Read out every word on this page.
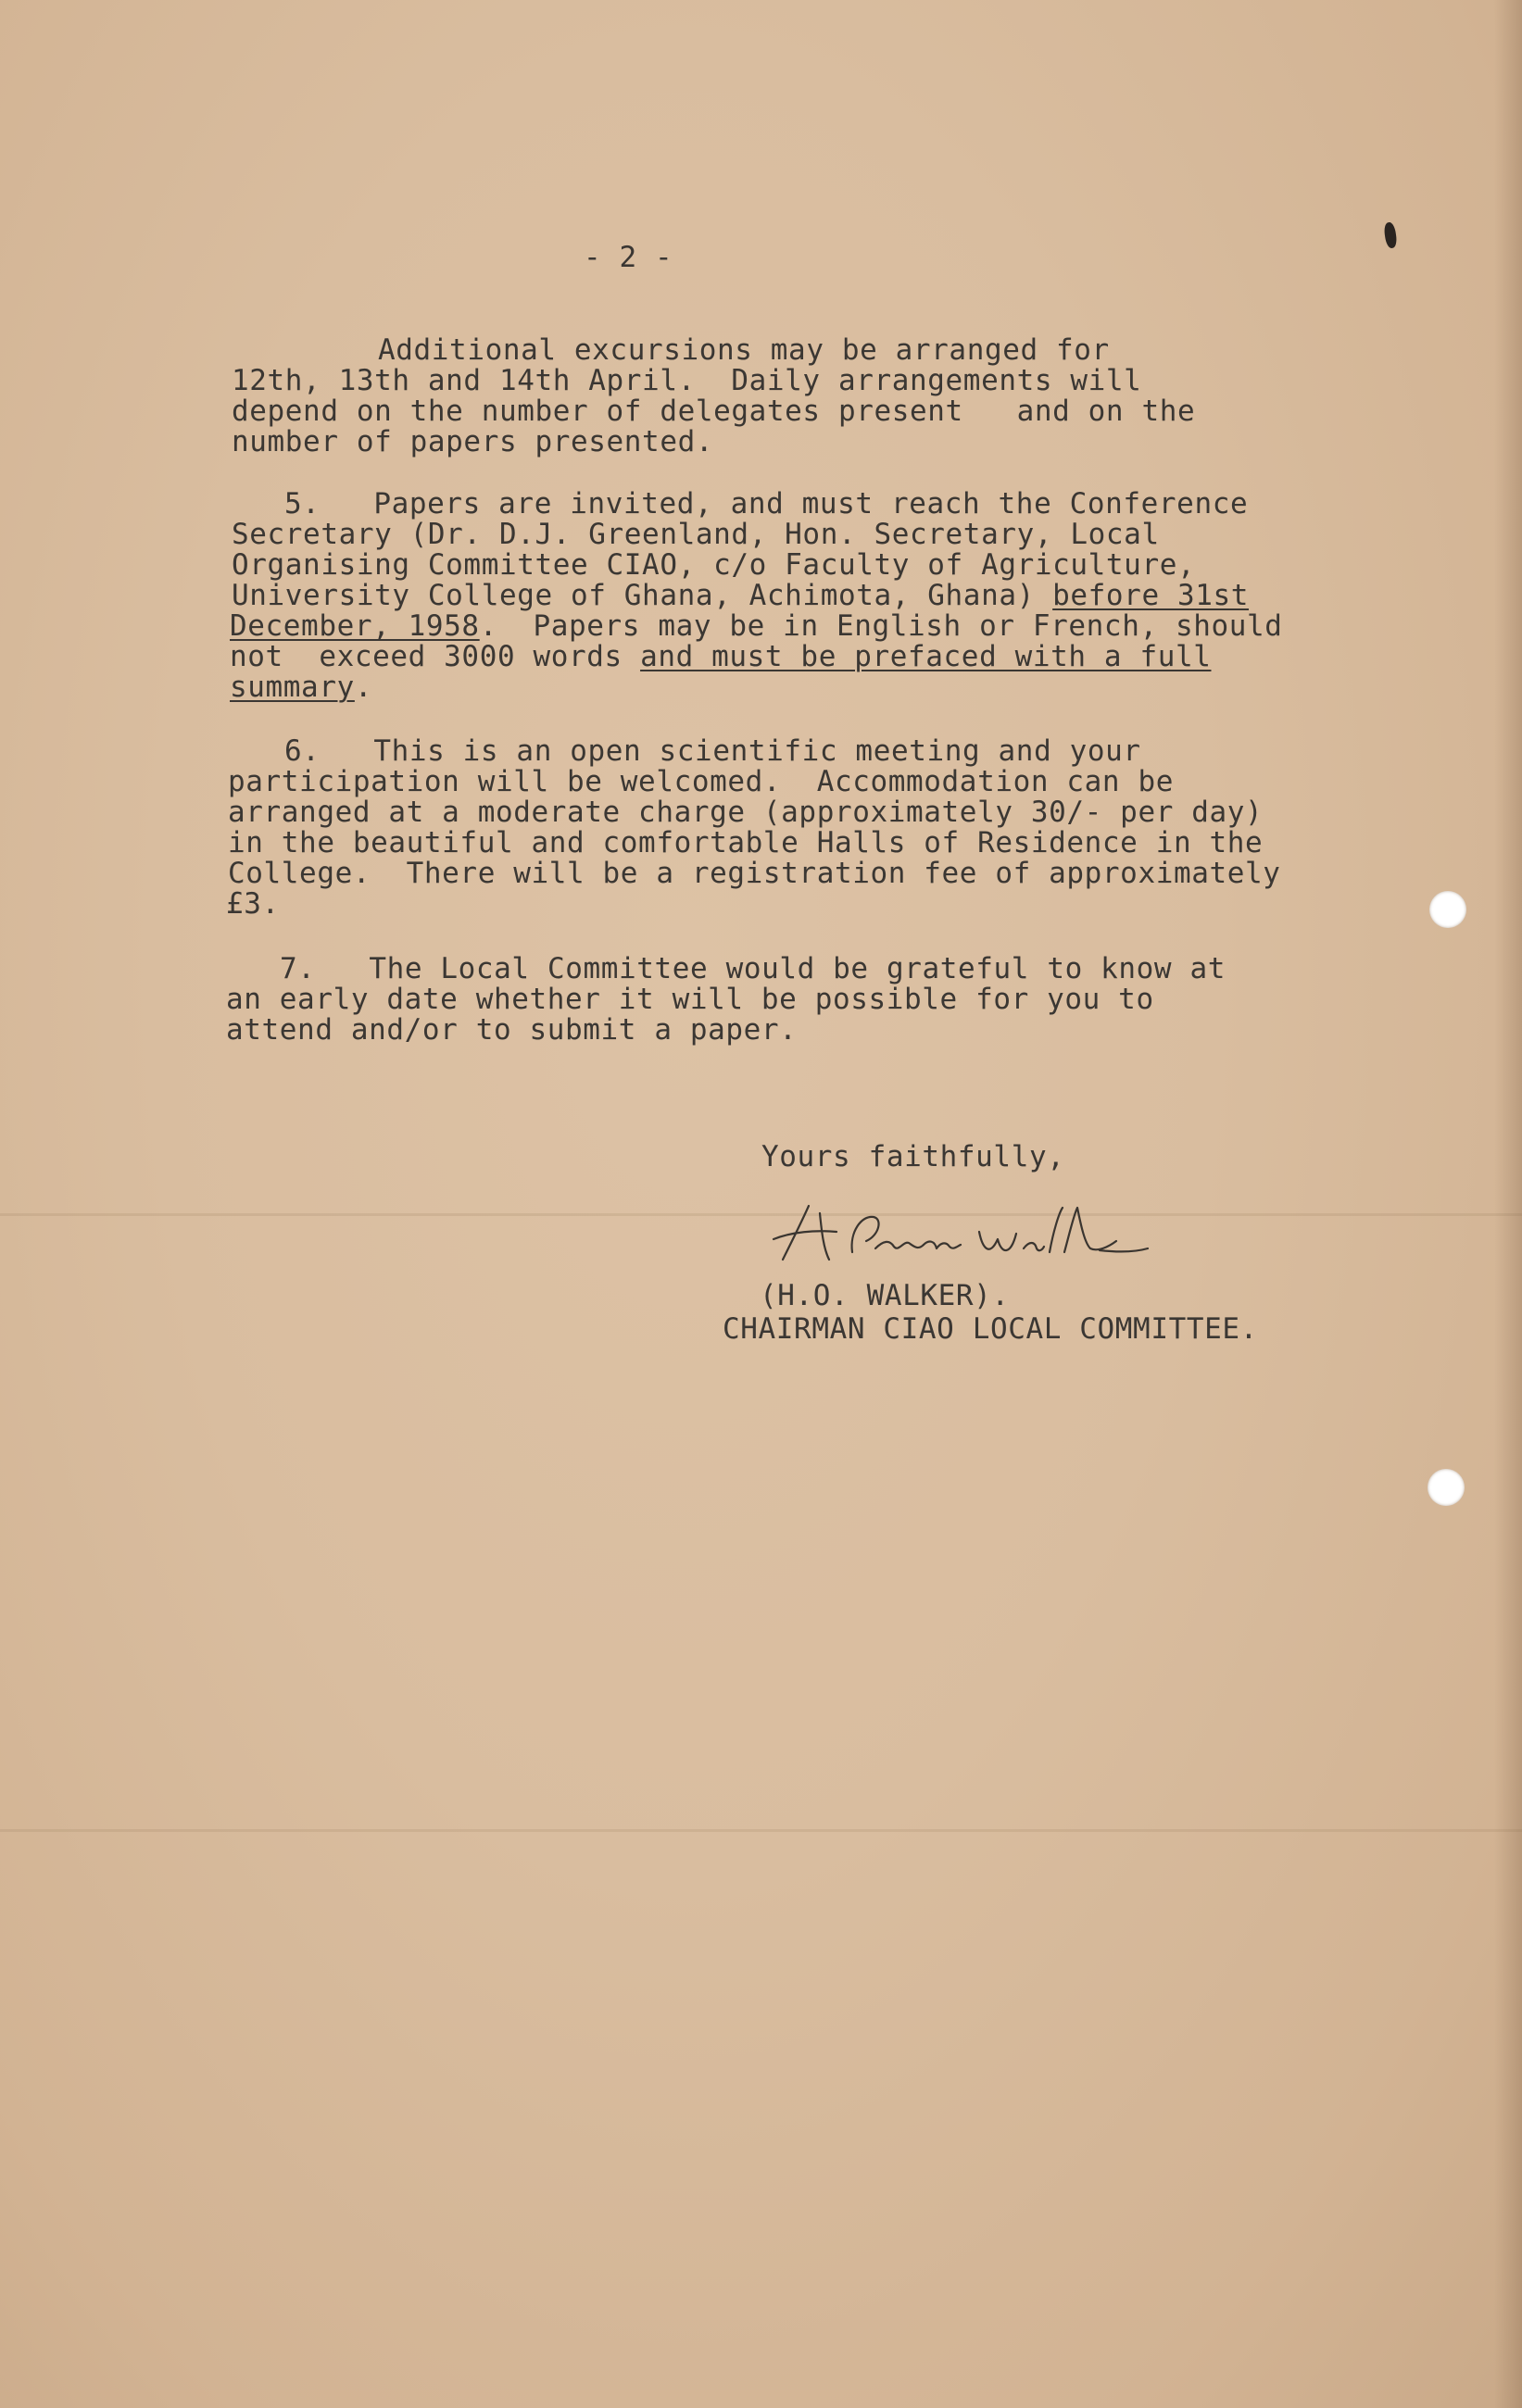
- 2 -
Additional excursions may be arranged for
12th, 13th and 14th April.  Daily arrangements will
depend on the number of delegates present   and on the
number of papers presented.
5.   Papers are invited, and must reach the Conference
Secretary (Dr. D.J. Greenland, Hon. Secretary, Local
Organising Committee CIAO, c/o Faculty of Agriculture,
University College of Ghana, Achimota, Ghana) before 31st
December, 1958.  Papers may be in English or French, should
not  exceed 3000 words and must be prefaced with a full
summary.
6.   This is an open scientific meeting and your
participation will be welcomed.  Accommodation can be
arranged at a moderate charge (approximately 30/- per day)
in the beautiful and comfortable Halls of Residence in the
College.  There will be a registration fee of approximately
£3.
7.   The Local Committee would be grateful to know at
an early date whether it will be possible for you to
attend and/or to submit a paper.
Yours faithfully,
(H.O. WALKER).
CHAIRMAN CIAO LOCAL COMMITTEE.
